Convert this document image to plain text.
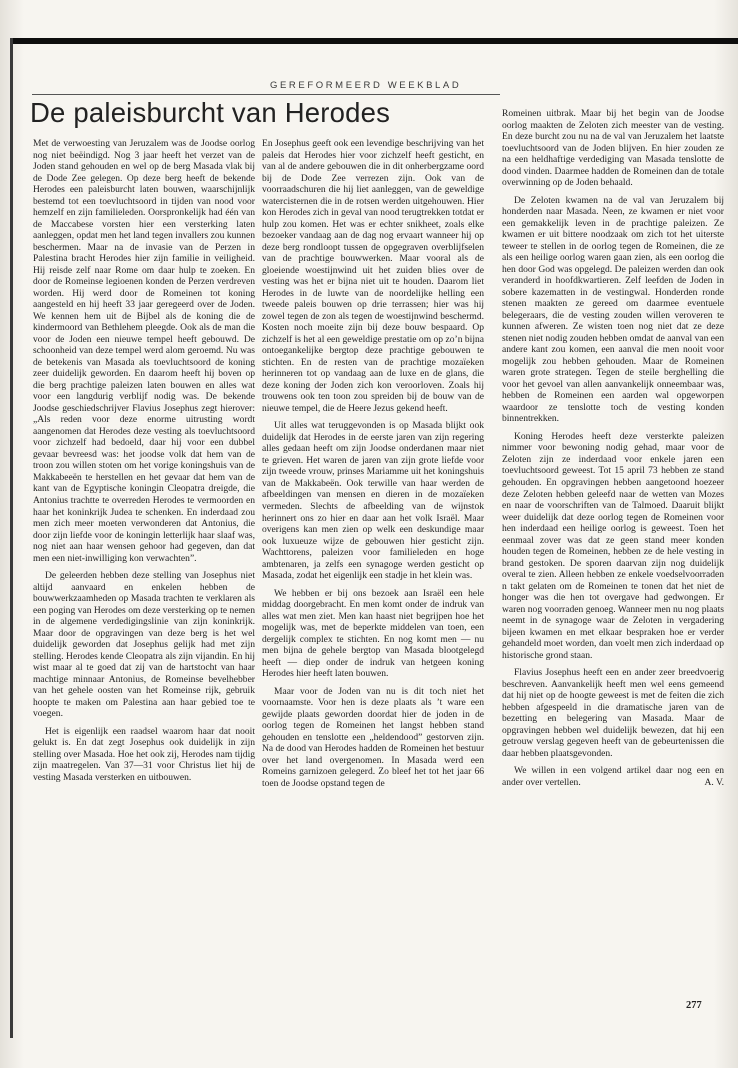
GEREFORMEERD WEEKBLAD
De paleisburcht van Herodes

Met de verwoesting van Jeruzalem was de Joodse oorlog nog niet beëindigd. Nog 3 jaar heeft het verzet van de Joden stand gehouden en wel op de berg Masada vlak bij de Dode Zee gelegen. Op deze berg heeft de bekende Herodes een paleisburcht laten bouwen, waarschijnlijk bestemd tot een toevluchtsoord in tijden van nood voor hemzelf en zijn familieleden. Oorspronkelijk had één van de Maccabese vorsten hier een versterking laten aanleggen, opdat men het land tegen invallers zou kunnen beschermen. Maar na de invasie van de Perzen in Palestina bracht Herodes hier zijn familie in veiligheid. Hij reisde zelf naar Rome om daar hulp te zoeken. En door de Romeinse legioenen konden de Perzen verdreven worden. Hij werd door de Romeinen tot koning aangesteld en hij heeft 33 jaar geregeerd over de Joden. We kennen hem uit de Bijbel als de koning die de kindermoord van Bethlehem pleegde. Ook als de man die voor de Joden een nieuwe tempel heeft gebouwd. De schoonheid van deze tempel werd alom geroemd. Nu was de betekenis van Masada als toevluchtsoord de koning zeer duidelijk geworden. En daarom heeft hij boven op die berg prachtige paleizen laten bouwen en alles wat voor een langdurig verblijf nodig was. De bekende Joodse geschiedschrijver Flavius Josephus zegt hierover: „Als reden voor deze enorme uitrusting wordt aangenomen dat Herodes deze vesting als toevluchtsoord voor zichzelf had bedoeld, daar hij voor een dubbel gevaar bevreesd was: het joodse volk dat hem van de troon zou willen stoten om het vorige koningshuis van de Makkabeeën te herstellen en het gevaar dat hem van de kant van de Egyptische koningin Cleopatra dreigde, die Antonius trachtte te overreden Herodes te vermoorden en haar het koninkrijk Judea te schenken. En inderdaad zou men zich meer moeten verwonderen dat Antonius, die door zijn liefde voor de koningin letterlijk haar slaaf was, nog niet aan haar wensen gehoor had gegeven, dan dat men een niet-inwilliging kon verwachten”.

De geleerden hebben deze stelling van Josephus niet altijd aanvaard en enkelen hebben de bouwwerkzaamheden op Masada trachten te verklaren als een poging van Herodes om deze versterking op te nemen in de algemene verdedigingslinie van zijn koninkrijk. Maar door de opgravingen van deze berg is het wel duidelijk geworden dat Josephus gelijk had met zijn stelling. Herodes kende Cleopatra als zijn vijandin. En hij wist maar al te goed dat zij van de hartstocht van haar machtige minnaar Antonius, de Romeinse bevelhebber van het gehele oosten van het Romeinse rijk, gebruik hoopte te maken om Palestina aan haar gebied toe te voegen.

Het is eigenlijk een raadsel waarom haar dat nooit gelukt is. En dat zegt Josephus ook duidelijk in zijn stelling over Masada. Hoe het ook zij, Herodes nam tijdig zijn maatregelen. Van 37—31 voor Christus liet hij de vesting Masada versterken en uitbouwen.

En Josephus geeft ook een levendige beschrijving van het paleis dat Herodes hier voor zichzelf heeft gesticht, en van al de andere gebouwen die in dit onherbergzame oord bij de Dode Zee verrezen zijn. Ook van de voorraadschuren die hij liet aanleggen, van de geweldige watercisternen die in de rotsen werden uitgehouwen. Hier kon Herodes zich in geval van nood terugtrekken totdat er hulp zou komen. Het was er echter snikheet, zoals elke bezoeker vandaag aan de dag nog ervaart wanneer hij op deze berg rondloopt tussen de opgegraven overblijfselen van de prachtige bouwwerken. Maar vooral als de gloeiende woestijnwind uit het zuiden blies over de vesting was het er bijna niet uit te houden. Daarom liet Herodes in de luwte van de noordelijke helling een tweede paleis bouwen op drie terrassen; hier was hij zowel tegen de zon als tegen de woestijnwind beschermd. Kosten noch moeite zijn bij deze bouw bespaard. Op zichzelf is het al een geweldige prestatie om op zo’n bijna ontoegankelijke bergtop deze prachtige gebouwen te stichten. En de resten van de prachtige mozaïeken herinneren tot op vandaag aan de luxe en de glans, die deze koning der Joden zich kon veroorloven. Zoals hij trouwens ook ten toon zou spreiden bij de bouw van de nieuwe tempel, die de Heere Jezus gekend heeft.

Uit alles wat teruggevonden is op Masada blijkt ook duidelijk dat Herodes in de eerste jaren van zijn regering alles gedaan heeft om zijn Joodse onderdanen maar niet te grieven. Het waren de jaren van zijn grote liefde voor zijn tweede vrouw, prinses Mariamme uit het koningshuis van de Makkabeën. Ook terwille van haar werden de afbeeldingen van mensen en dieren in de mozaïeken vermeden. Slechts de afbeelding van de wijnstok herinnert ons zo hier en daar aan het volk Israël. Maar overigens kan men zien op welk een deskundige maar ook luxueuze wijze de gebouwen hier gesticht zijn. Wachttorens, paleizen voor familieleden en hoge ambtenaren, ja zelfs een synagoge werden gesticht op Masada, zodat het eigenlijk een stadje in het klein was.

We hebben er bij ons bezoek aan Israël een hele middag doorgebracht. En men komt onder de indruk van alles wat men ziet. Men kan haast niet begrijpen hoe het mogelijk was, met de beperkte middelen van toen, een dergelijk complex te stichten. En nog komt men — nu men bijna de gehele bergtop van Masada blootgelegd heeft — diep onder de indruk van hetgeen koning Herodes hier heeft laten bouwen.

Maar voor de Joden van nu is dit toch niet het voornaamste. Voor hen is deze plaats als ’t ware een gewijde plaats geworden doordat hier de joden in de oorlog tegen de Romeinen het langst hebben stand gehouden en tenslotte een „heldendood” gestorven zijn. Na de dood van Herodes hadden de Romeinen het bestuur over het land overgenomen. In Masada werd een Romeins garnizoen gelegerd. Zo bleef het tot het jaar 66 toen de Joodse opstand tegen de

Romeinen uitbrak. Maar bij het begin van de Joodse oorlog maakten de Zeloten zich meester van de vesting. En deze burcht zou nu na de val van Jeruzalem het laatste toevluchtsoord van de Joden blijven. En hier zouden ze na een heldhaftige verdediging van Masada tenslotte de dood vinden. Daarmee hadden de Romeinen dan de totale overwinning op de Joden behaald.

De Zeloten kwamen na de val van Jeruzalem bij honderden naar Masada. Neen, ze kwamen er niet voor een gemakkelijk leven in de prachtige paleizen. Ze kwamen er uit bittere noodzaak om zich tot het uiterste teweer te stellen in de oorlog tegen de Romeinen, die ze als een heilige oorlog waren gaan zien, als een oorlog die hen door God was opgelegd. De paleizen werden dan ook veranderd in hoofdkwartieren. Zelf leefden de Joden in sobere kazematten in de vestingwal. Honderden ronde stenen maakten ze gereed om daarmee eventuele belegeraars, die de vesting zouden willen veroveren te kunnen afweren. Ze wisten toen nog niet dat ze deze stenen niet nodig zouden hebben omdat de aanval van een andere kant zou komen, een aanval die men nooit voor mogelijk zou hebben gehouden. Maar de Romeinen waren grote strategen. Tegen de steile berghelling die voor het gevoel van allen aanvankelijk onneembaar was, hebben de Romeinen een aarden wal opgeworpen waardoor ze tenslotte toch de vesting konden binnentrekken.

Koning Herodes heeft deze versterkte paleizen nimmer voor bewoning nodig gehad, maar voor de Zeloten zijn ze inderdaad voor enkele jaren een toevluchtsoord geweest. Tot 15 april 73 hebben ze stand gehouden. En opgravingen hebben aangetoond hoezeer deze Zeloten hebben geleefd naar de wetten van Mozes en naar de voorschriften van de Talmoed. Daaruit blijkt weer duidelijk dat deze oorlog tegen de Romeinen voor hen inderdaad een heilige oorlog is geweest. Toen het eenmaal zover was dat ze geen stand meer konden houden tegen de Romeinen, hebben ze de hele vesting in brand gestoken. De sporen daarvan zijn nog duidelijk overal te zien. Alleen hebben ze enkele voedselvoorraden n takt gelaten om de Romeinen te tonen dat het niet de honger was die hen tot overgave had gedwongen. Er waren nog voorraden genoeg. Wanneer men nu nog plaats neemt in de synagoge waar de Zeloten in vergadering bijeen kwamen en met elkaar bespraken hoe er verder gehandeld moet worden, dan voelt men zich inderdaad op historische grond staan.

Flavius Josephus heeft een en ander zeer breedvoerig beschreven. Aanvankelijk heeft men wel eens gemeend dat hij niet op de hoogte geweest is met de feiten die zich hebben afgespeeld in die dramatische jaren van de bezetting en belegering van Masada. Maar de opgravingen hebben wel duidelijk bewezen, dat hij een getrouw verslag gegeven heeft van de gebeurtenissen die daar hebben plaatsgevonden.

We willen in een volgend artikel daar nog een en ander over vertellen.	 A. V.

277
